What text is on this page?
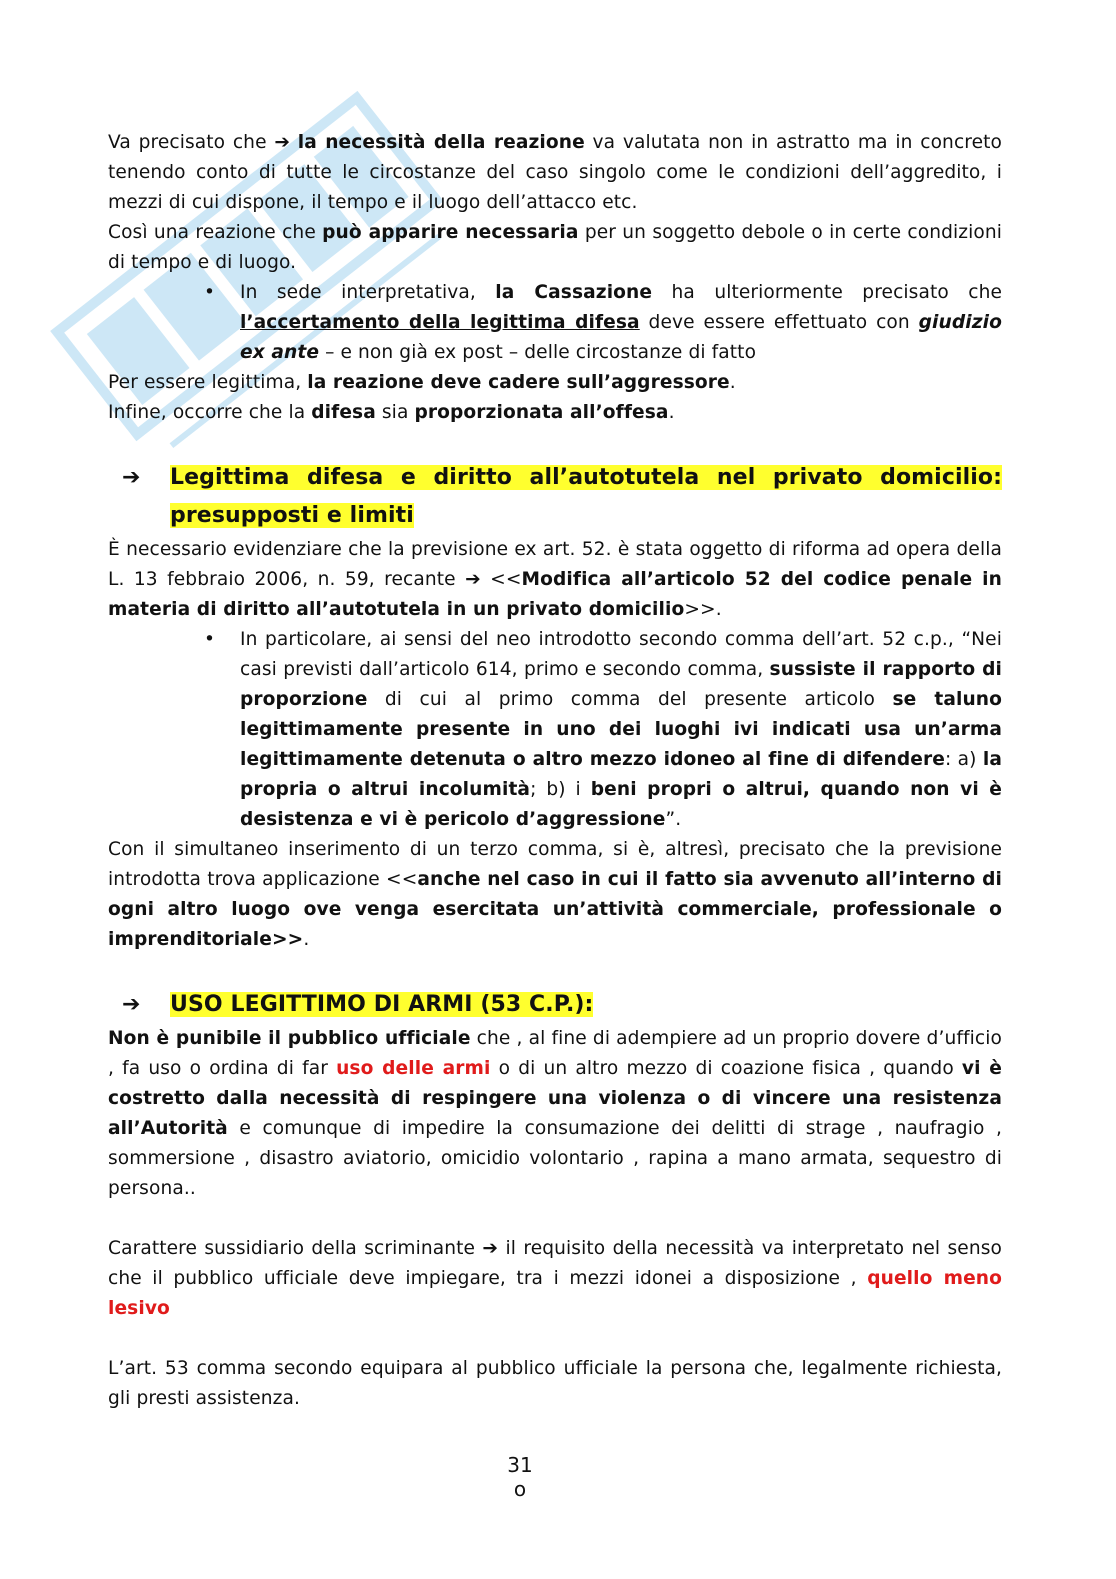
Va precisato che ➔ la necessità della reazione va valutata non in astratto ma in concreto tenendo conto di tutte le circostanze del caso singolo come le condizioni dell’aggredito, i mezzi di cui dispone, il tempo e il luogo dell’attacco etc.

Così una reazione che può apparire necessaria per un soggetto debole o in certe condizioni di tempo e di luogo.

• In sede interpretativa, la Cassazione ha ulteriormente precisato che l’accertamento della legittima difesa deve essere effettuato con giudizio ex ante – e non già ex post – delle circostanze di fatto

Per essere legittima, la reazione deve cadere sull’aggressore.

Infine, occorre che la difesa sia proporzionata all’offesa.

➔ Legittima difesa e diritto all’autotutela nel privato domicilio: presupposti e limiti

È necessario evidenziare che la previsione ex art. 52. è stata oggetto di riforma ad opera della L. 13 febbraio 2006, n. 59, recante ➔ <<Modifica all’articolo 52 del codice penale in materia di diritto all’autotutela in un privato domicilio>>.

• In particolare, ai sensi del neo introdotto secondo comma dell’art. 52 c.p., “Nei casi previsti dall’articolo 614, primo e secondo comma, sussiste il rapporto di proporzione di cui al primo comma del presente articolo se taluno legittimamente presente in uno dei luoghi ivi indicati usa un’arma legittimamente detenuta o altro mezzo idoneo al fine di difendere: a) la propria o altrui incolumità; b) i beni propri o altrui, quando non vi è desistenza e vi è pericolo d’aggressione”.

Con il simultaneo inserimento di un terzo comma, si è, altresì, precisato che la previsione introdotta trova applicazione <<anche nel caso in cui il fatto sia avvenuto all’interno di ogni altro luogo ove venga esercitata un’attività commerciale, professionale o imprenditoriale>>.

➔ USO LEGITTIMO DI ARMI (53 C.P.):

Non è punibile il pubblico ufficiale che , al fine di adempiere ad un proprio dovere d’ufficio , fa uso o ordina di far uso delle armi o di un altro mezzo di coazione fisica , quando vi è costretto dalla necessità di respingere una violenza o di vincere una resistenza all’Autorità e comunque di impedire la consumazione dei delitti di strage , naufragio , sommersione , disastro aviatorio, omicidio volontario , rapina a mano armata, sequestro di persona..

Carattere sussidiario della scriminante ➔ il requisito della necessità va interpretato nel senso che il pubblico ufficiale deve impiegare, tra i mezzi idonei a disposizione , quello meno lesivo

L’art. 53 comma secondo equipara al pubblico ufficiale la persona che, legalmente richiesta, gli presti assistenza.

31
o
